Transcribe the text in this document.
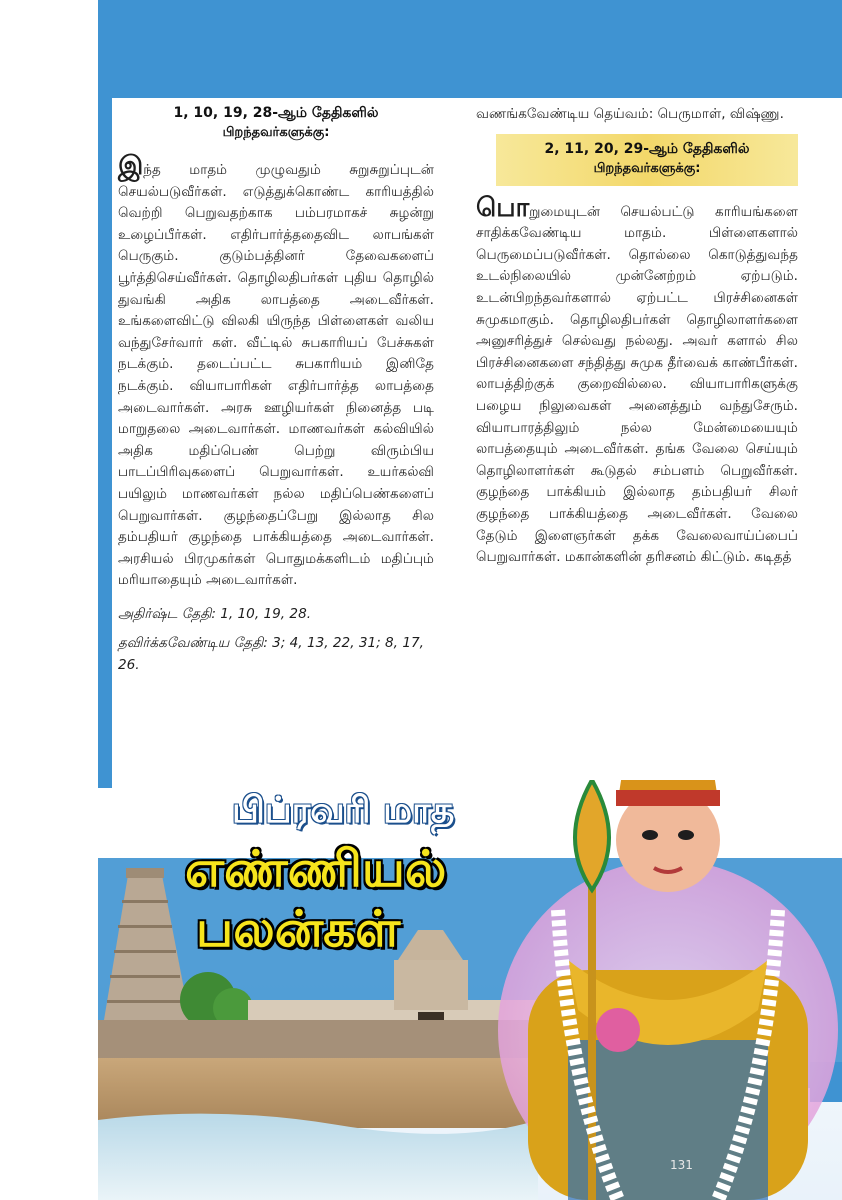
1, 10, 19, 28-ஆம் தேதிகளில்
பிறந்தவர்களுக்கு:

இந்த மாதம் முழுவதும் சுறுசுறுப்புடன் செயல்படுவீர்கள். எடுத்துக்கொண்ட காரியத்தில் வெற்றி பெறுவதற்காக பம்பரமாகச் சுழன்று உழைப்பீர்கள். எதிர்பார்த்ததைவிட லாபங்கள் பெருகும். குடும்பத்தினர் தேவைகளைப் பூர்த்திசெய்வீர்கள். தொழிலதிபர்கள் புதிய தொழில் துவங்கி அதிக லாபத்தை அடைவீர்கள். உங்களைவிட்டு விலகி யிருந்த பிள்ளைகள் வலிய வந்துசேர்வார் கள். வீட்டில் சுபகாரியப் பேச்சுகள் நடக்கும். தடைப்பட்ட சுபகாரியம் இனிதே நடக்கும். வியாபாரிகள் எதிர்பார்த்த லாபத்தை அடைவார்கள். அரசு ஊழியர்கள் நினைத்த படி மாறுதலை அடைவார்கள். மாணவர்கள் கல்வியில் அதிக மதிப்பெண் பெற்று விரும்பிய பாடப்பிரிவுகளைப் பெறுவார்கள். உயர்கல்வி பயிலும் மாணவர்கள் நல்ல மதிப்பெண்களைப் பெறுவார்கள். குழந்தைப்பேறு இல்லாத சில தம்பதியர் குழந்தை பாக்கியத்தை அடைவார்கள். அரசியல் பிரமுகர்கள் பொதுமக்களிடம் மதிப்பும் மரியாதையும் அடைவார்கள்.

அதிர்ஷ்ட தேதி: 1, 10, 19, 28.
தவிர்க்கவேண்டிய தேதி: 3; 4, 13, 22, 31; 8, 17, 26.
வணங்கவேண்டிய தெய்வம்: பெருமாள், விஷ்ணு.
2, 11, 20, 29-ஆம் தேதிகளில்
பிறந்தவர்களுக்கு:

பொறுமையுடன் செயல்பட்டு காரியங்களை சாதிக்கவேண்டிய மாதம். பிள்ளைகளால் பெருமைப்படுவீர்கள். தொல்லை கொடுத்துவந்த உடல்நிலையில் முன்னேற்றம் ஏற்படும். உடன்பிறந்தவர்களால் ஏற்பட்ட பிரச்சினைகள் சுமுகமாகும். தொழிலதிபர்கள் தொழிலாளர்களை அனுசரித்துச் செல்வது நல்லது. அவர் களால் சில பிரச்சினைகளை சந்தித்து சுமுக தீர்வைக் காண்பீர்கள். லாபத்திற்குக் குறைவில்லை. வியாபாரிகளுக்கு பழைய நிலுவைகள் அனைத்தும் வந்துசேரும். வியாபாரத்திலும் நல்ல மேன்மையையும் லாபத்தையும் அடைவீர்கள். தங்க வேலை செய்யும் தொழிலாளர்கள் கூடுதல் சம்பளம் பெறுவீர்கள். குழந்தை பாக்கியம் இல்லாத தம்பதியர் சிலர் குழந்தை பாக்கியத்தை அடைவீர்கள். வேலை தேடும் இளைஞர்கள் தக்க வேலைவாய்ப்பைப் பெறுவார்கள். மகான்களின் தரிசனம் கிட்டும். கடிதத்

பிப்ரவரி மாத
எண்ணியல்
பலன்கள்
131
